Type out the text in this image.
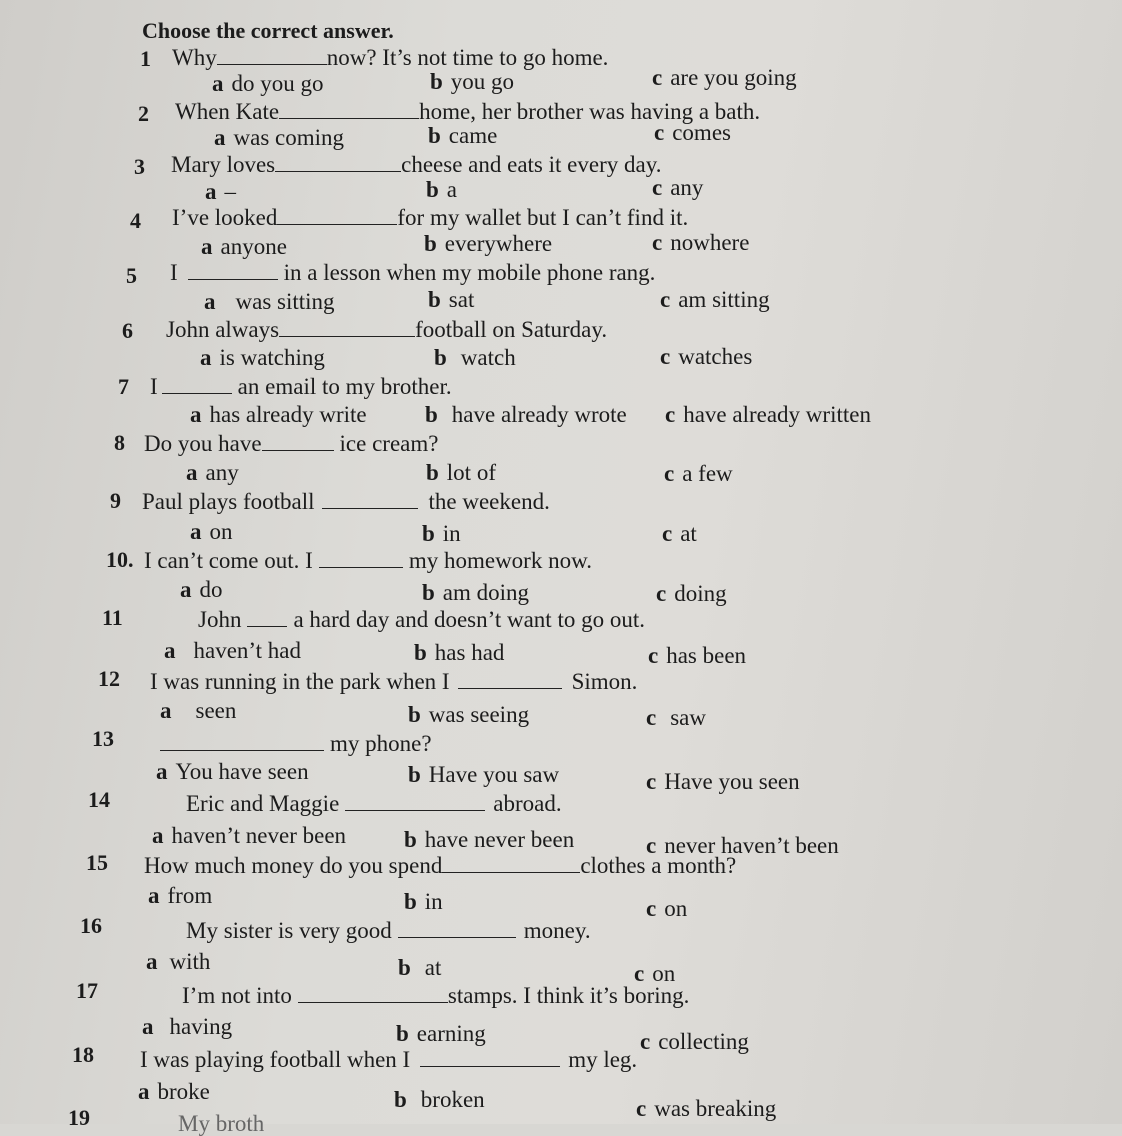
Choose the correct answer.
1 Why	now? It’s not time to go home.
a do you go	b you go	c are you going
2 When Kate	home, her brother was having a bath.
a was coming	b came	c comes
3 Mary loves	cheese and eats it every day.
a –	b a	c any
4 I’ve looked	for my wallet but I can’t find it.
a anyone	b everywhere	c nowhere
5 I	in a lesson when my mobile phone rang.
a was sitting	b sat	c am sitting
6 John always	football on Saturday.
a is watching	b watch	c watches
7 I	an email to my brother.
a has already write	b have already wrote c have already written
8 Do you have	ice cream?
a any	b lot of	c a few
9 Paul plays football	the weekend.
a on	b in	c at
10. I can’t come out. I	my homework now.
a do	b am doing	c doing
11	John a hard day and doesn’t want to go out.
a haven’t had	b has had	c has been
12 I was running in the park when I	Simon.
a seen	b was seeing	c saw
13	my phone?
a You have seen	b Have you saw	c Have you seen
14	Eric and Maggie	abroad.
a haven’t never been	b have never been	c never haven’t been
15 How much money do you spend	clothes a month?
a from	b in	c on
16	My sister is very good	money.
a with	b at	c on
17	I’m not into	stamps. I think it’s boring.
a having	b earning	c collecting
18 I was playing football when I	my leg.
a broke	b broken	c was breaking
19	My broth
